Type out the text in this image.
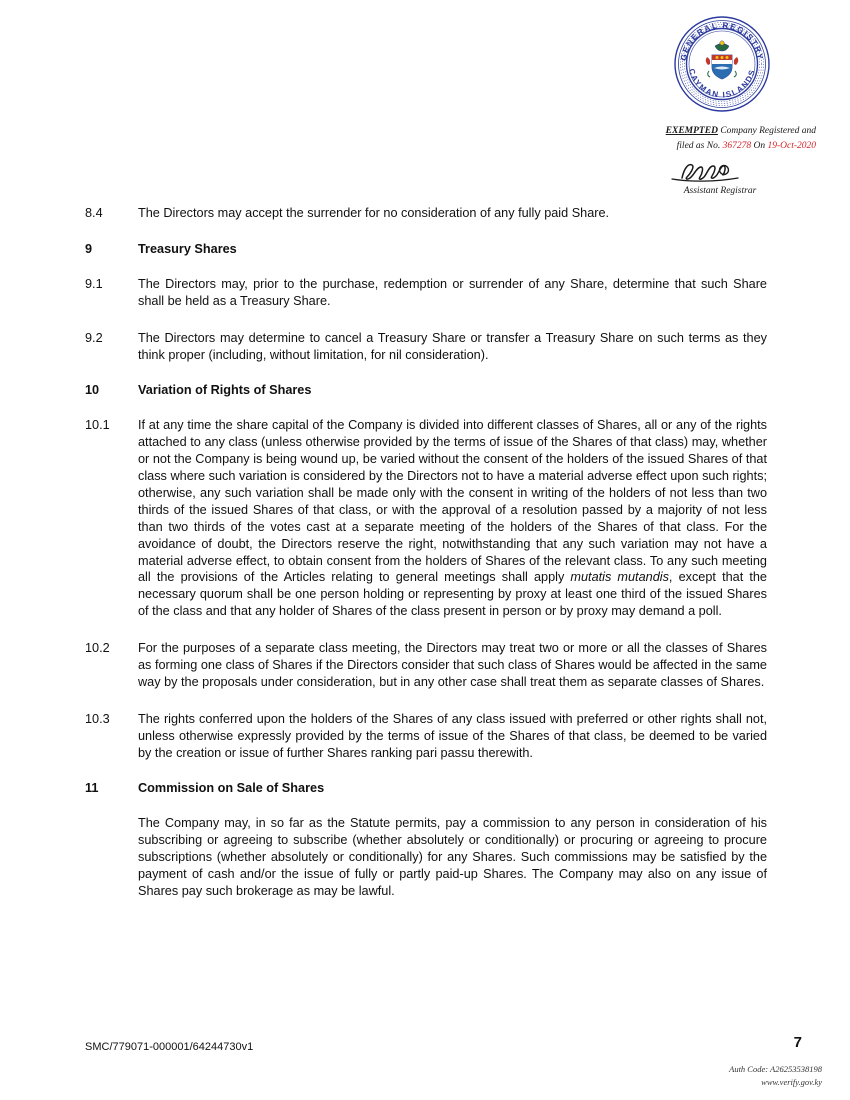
GENERAL REGISTRY
CAYMAN ISLANDS
EXEMPTED Company Registered and
filed as No. 367278 On 19-Oct-2020
Assistant Registrar
8.4	The Directors may accept the surrender for no consideration of any fully paid Share.
9	Treasury Shares
9.1	The Directors may, prior to the purchase, redemption or surrender of any Share, determine that such Share shall be held as a Treasury Share.
9.2	The Directors may determine to cancel a Treasury Share or transfer a Treasury Share on such terms as they think proper (including, without limitation, for nil consideration).
10	Variation of Rights of Shares
10.1	If at any time the share capital of the Company is divided into different classes of Shares, all or any of the rights attached to any class (unless otherwise provided by the terms of issue of the Shares of that class) may, whether or not the Company is being wound up, be varied without the consent of the holders of the issued Shares of that class where such variation is considered by the Directors not to have a material adverse effect upon such rights; otherwise, any such variation shall be made only with the consent in writing of the holders of not less than two thirds of the issued Shares of that class, or with the approval of a resolution passed by a majority of not less than two thirds of the votes cast at a separate meeting of the holders of the Shares of that class. For the avoidance of doubt, the Directors reserve the right, notwithstanding that any such variation may not have a material adverse effect, to obtain consent from the holders of Shares of the relevant class. To any such meeting all the provisions of the Articles relating to general meetings shall apply mutatis mutandis, except that the necessary quorum shall be one person holding or representing by proxy at least one third of the issued Shares of the class and that any holder of Shares of the class present in person or by proxy may demand a poll.
10.2	For the purposes of a separate class meeting, the Directors may treat two or more or all the classes of Shares as forming one class of Shares if the Directors consider that such class of Shares would be affected in the same way by the proposals under consideration, but in any other case shall treat them as separate classes of Shares.
10.3	The rights conferred upon the holders of the Shares of any class issued with preferred or other rights shall not, unless otherwise expressly provided by the terms of issue of the Shares of that class, be deemed to be varied by the creation or issue of further Shares ranking pari passu therewith.
11	Commission on Sale of Shares
The Company may, in so far as the Statute permits, pay a commission to any person in consideration of his subscribing or agreeing to subscribe (whether absolutely or conditionally) or procuring or agreeing to procure subscriptions (whether absolutely or conditionally) for any Shares. Such commissions may be satisfied by the payment of cash and/or the issue of fully or partly paid-up Shares. The Company may also on any issue of Shares pay such brokerage as may be lawful.
SMC/779071-000001/64244730v1	7
Auth Code: A26253538198
www.verify.gov.ky
